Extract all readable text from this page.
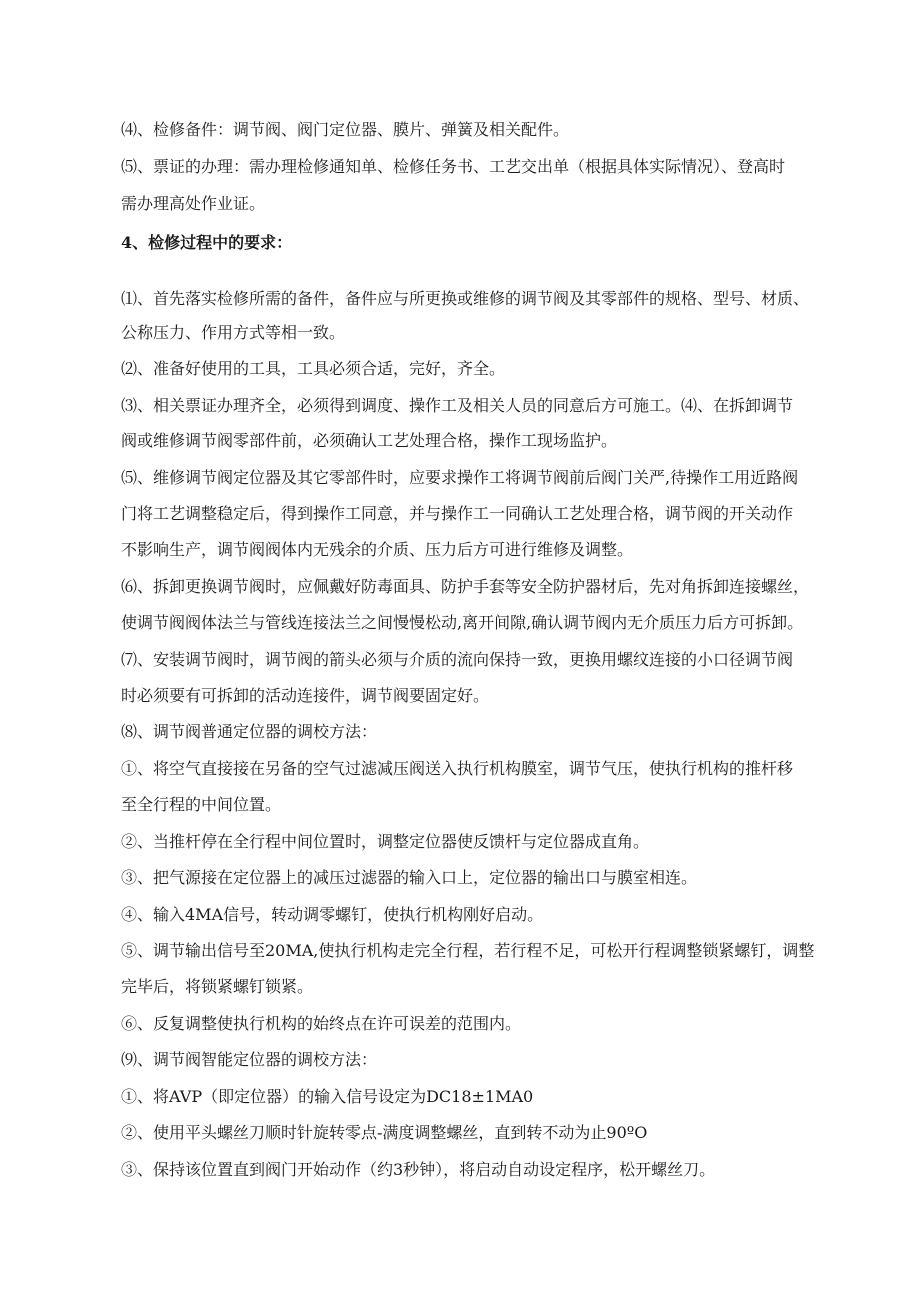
⑷、检修备件：调节阀、阀门定位器、膜片、弹簧及相关配件。
⑸、票证的办理：需办理检修通知单、检修任务书、工艺交出单（根据具体实际情况）、登高时
需办理高处作业证。
4、检修过程中的要求：
⑴、首先落实检修所需的备件，备件应与所更换或维修的调节阀及其零部件的规格、型号、材质、
公称压力、作用方式等相一致。
⑵、准备好使用的工具，工具必须合适，完好，齐全。
⑶、相关票证办理齐全，必须得到调度、操作工及相关人员的同意后方可施工。⑷、在拆卸调节
阀或维修调节阀零部件前，必须确认工艺处理合格，操作工现场监护。
⑸、维修调节阀定位器及其它零部件时，应要求操作工将调节阀前后阀门关严,待操作工用近路阀
门将工艺调整稳定后，得到操作工同意，并与操作工一同确认工艺处理合格，调节阀的开关动作
不影响生产，调节阀阀体内无残余的介质、压力后方可进行维修及调整。
⑹、拆卸更换调节阀时，应佩戴好防毒面具、防护手套等安全防护器材后，先对角拆卸连接螺丝，
使调节阀阀体法兰与管线连接法兰之间慢慢松动,离开间隙,确认调节阀内无介质压力后方可拆卸。
⑺、安装调节阀时，调节阀的箭头必须与介质的流向保持一致，更换用螺纹连接的小口径调节阀
时必须要有可拆卸的活动连接件，调节阀要固定好。
⑻、调节阀普通定位器的调校方法：
①、将空气直接接在另备的空气过滤减压阀送入执行机构膜室，调节气压，使执行机构的推杆移
至全行程的中间位置。
②、当推杆停在全行程中间位置时，调整定位器使反馈杆与定位器成直角。
③、把气源接在定位器上的减压过滤器的输入口上，定位器的输出口与膜室相连。
④、输入4MA信号，转动调零螺钉，使执行机构刚好启动。
⑤、调节输出信号至20MA,使执行机构走完全行程，若行程不足，可松开行程调整锁紧螺钉，调整
完毕后，将锁紧螺钉锁紧。
⑥、反复调整使执行机构的始终点在许可误差的范围内。
⑼、调节阀智能定位器的调校方法：
①、将AVP（即定位器）的输入信号设定为DC18±1MA0
②、使用平头螺丝刀顺时针旋转零点-满度调整螺丝，直到转不动为止90ºO
③、保持该位置直到阀门开始动作（约3秒钟），将启动自动设定程序，松开螺丝刀。
